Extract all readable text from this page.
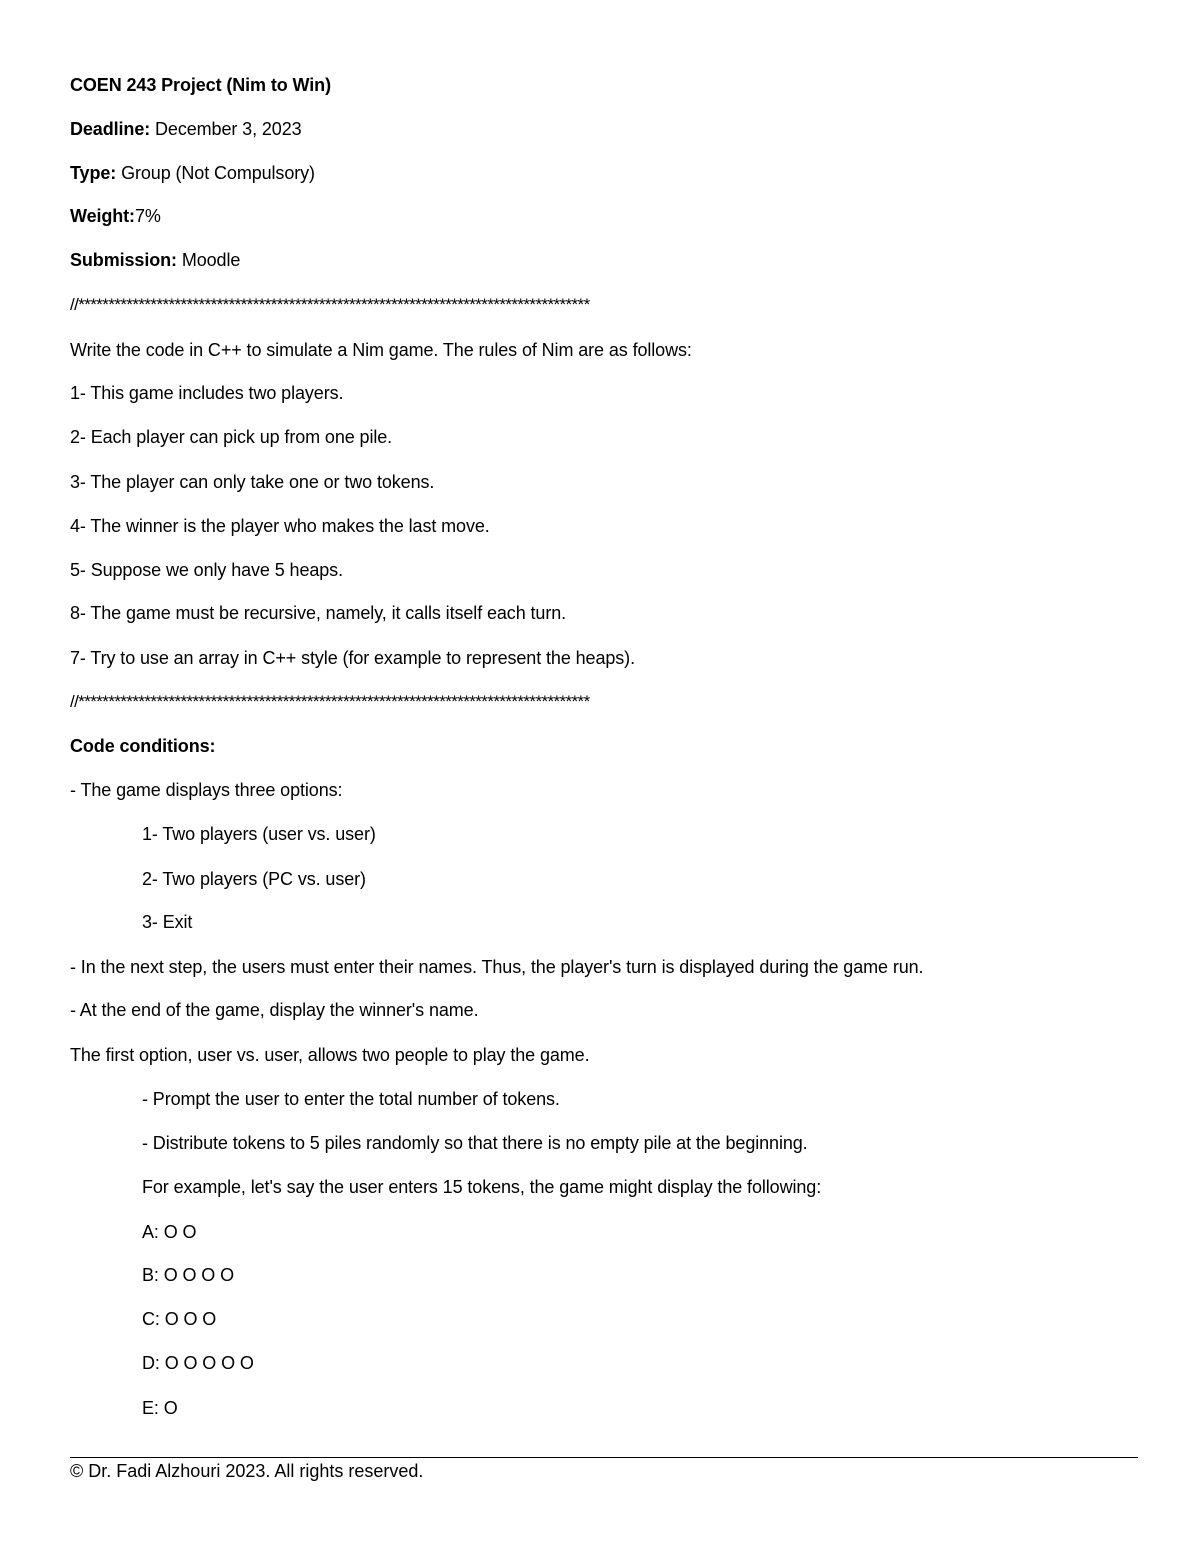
COEN 243 Project (Nim to Win)
Deadline: December 3, 2023
Type: Group (Not Compulsory)
Weight:7%
Submission: Moodle
//*************************************************************************************
Write the code in C++ to simulate a Nim game. The rules of Nim are as follows:
1- This game includes two players.
2- Each player can pick up from one pile.
3- The player can only take one or two tokens.
4- The winner is the player who makes the last move.
5- Suppose we only have 5 heaps.
8- The game must be recursive, namely, it calls itself each turn.
7- Try to use an array in C++ style (for example to represent the heaps).
//*************************************************************************************
Code conditions:
- The game displays three options:
1- Two players (user vs. user)
2- Two players (PC vs. user)
3- Exit
- In the next step, the users must enter their names. Thus, the player's turn is displayed during the game run.
- At the end of the game, display the winner's name.
The first option, user vs. user, allows two people to play the game.
- Prompt the user to enter the total number of tokens.
- Distribute tokens to 5 piles randomly so that there is no empty pile at the beginning.
For example, let's say the user enters 15 tokens, the game might display the following:
A: O O
B: O O O O
C: O O O
D: O O O O O
E: O
© Dr. Fadi Alzhouri 2023. All rights reserved.
